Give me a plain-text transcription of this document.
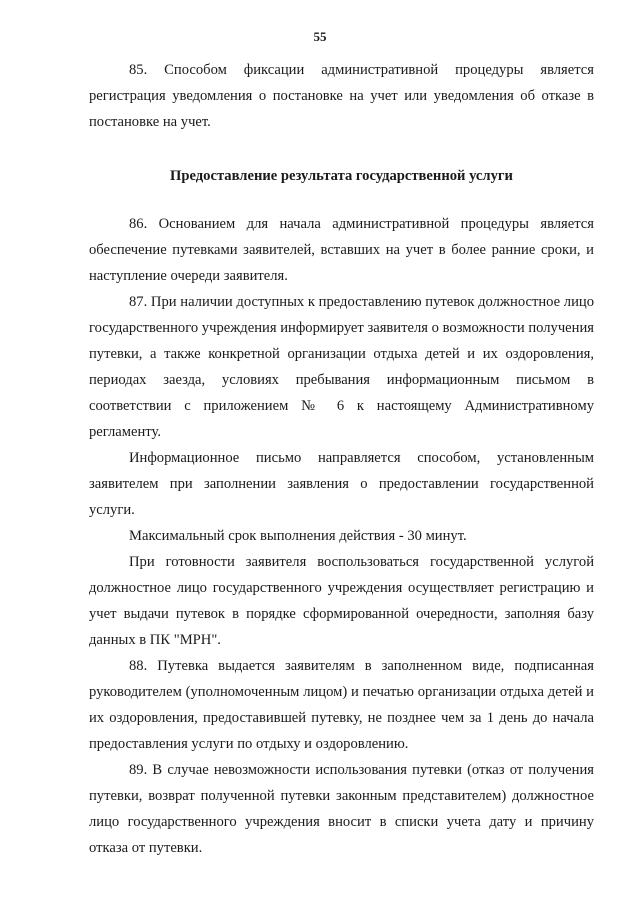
55

85. Способом фиксации административной процедуры является регистрация уведомления о постановке на учет или уведомления об отказе в постановке на учет.

Предоставление результата государственной услуги

86. Основанием для начала административной процедуры является обеспечение путевками заявителей, вставших на учет в более ранние сроки, и наступление очереди заявителя.

87. При наличии доступных к предоставлению путевок должностное лицо государственного учреждения информирует заявителя о возможности получения путевки, а также конкретной организации отдыха детей и их оздоровления, периодах заезда, условиях пребывания информационным письмом в соответствии с приложением № 6 к настоящему Административному регламенту.

Информационное письмо направляется способом, установленным заявителем при заполнении заявления о предоставлении государственной услуги.

Максимальный срок выполнения действия - 30 минут.

При готовности заявителя воспользоваться государственной услугой должностное лицо государственного учреждения осуществляет регистрацию и учет выдачи путевок в порядке сформированной очередности, заполняя базу данных в ПК "МРН".

88. Путевка выдается заявителям в заполненном виде, подписанная руководителем (уполномоченным лицом) и печатью организации отдыха детей и их оздоровления, предоставившей путевку, не позднее чем за 1 день до начала предоставления услуги по отдыху и оздоровлению.

89. В случае невозможности использования путевки (отказ от получения путевки, возврат полученной путевки законным представителем) должностное лицо государственного учреждения вносит в списки учета дату и причину отказа от путевки.
